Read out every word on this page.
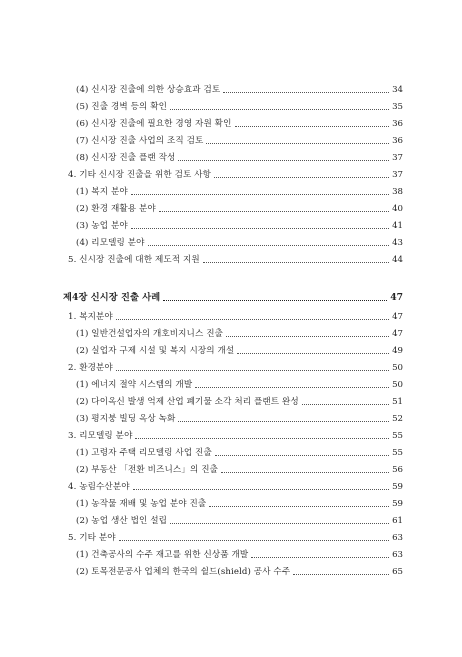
(4) 신시장 진출에 의한 상승효과 검토	34
(5) 진출 경벽 등의 확인	35
(6) 신시장 진출에 필요한 경영 자원 확인	36
(7) 신시장 진출 사업의 조직 검토	36
(8) 신시장 진출 플랜 작성	37
4. 기타 신시장 진출을 위한 검토 사항	37
(1) 복지 분야	38
(2) 환경 재활용 분야	40
(3) 농업 분야	41
(4) 리모델링 분야	43
5. 신시장 진출에 대한 제도적 지원	44
제4장 신시장 진출 사례	47
1. 복지분야	47
(1) 일반건설업자의 개호비지니스 진출	47
(2) 실업자 구제 시설 및 복지 시장의 개설	49
2. 환경분야	50
(1) 에너지 절약 시스템의 개발	50
(2) 다이옥신 발생 억제 산업 폐기물 소각 처리 플랜트 완성	51
(3) 평지붕 빌딩 옥상 녹화	52
3. 리모델링 분야	55
(1) 고령자 주택 리모델링 사업 진출	55
(2) 부동산 「전환 비즈니스」의 진출	56
4. 농림수산분야	59
(1) 농작물 재배 및 농업 분야 진출	59
(2) 농업 생산 법인 설립	61
5. 기타 분야	63
(1) 건축공사의 수주 재고를 위한 신상품 개발	63
(2) 토목전문공사 업체의 한국의 쉴드(shield) 공사 수주	65
